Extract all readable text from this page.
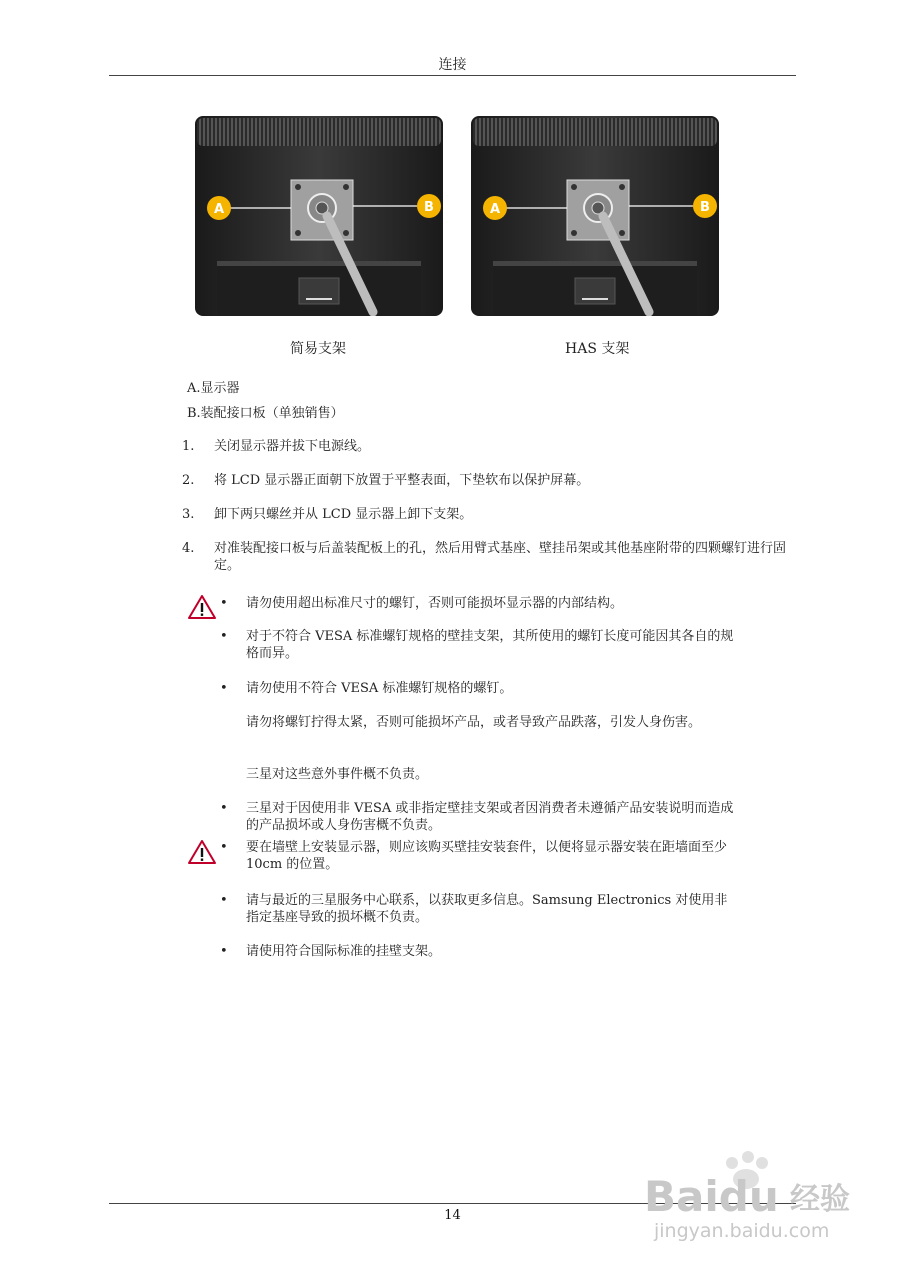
连接
A	B
简易支架
A	B
HAS 支架
A.显示器
B.装配接口板（单独销售）
1. 关闭显示器并拔下电源线。
2. 将 LCD 显示器正面朝下放置于平整表面，下垫软布以保护屏幕。
3. 卸下两只螺丝并从 LCD 显示器上卸下支架。
4. 对准装配接口板与后盖装配板上的孔，然后用臂式基座、壁挂吊架或其他基座附带的四颗螺钉进行固定。
• 请勿使用超出标准尺寸的螺钉，否则可能损坏显示器的内部结构。
• 对于不符合 VESA 标准螺钉规格的壁挂支架，其所使用的螺钉长度可能因其各自的规格而异。
• 请勿使用不符合 VESA 标准螺钉规格的螺钉。
请勿将螺钉拧得太紧，否则可能损坏产品，或者导致产品跌落，引发人身伤害。
三星对这些意外事件概不负责。
• 三星对于因使用非 VESA 或非指定壁挂支架或者因消费者未遵循产品安装说明而造成的产品损坏或人身伤害概不负责。
• 要在墙壁上安装显示器，则应该购买壁挂安装套件，以便将显示器安装在距墙面至少 10cm 的位置。
• 请与最近的三星服务中心联系，以获取更多信息。Samsung Electronics 对使用非指定基座导致的损坏概不负责。
• 请使用符合国际标准的挂壁支架。
14	Baidu 经验
jingyan.baidu.com
